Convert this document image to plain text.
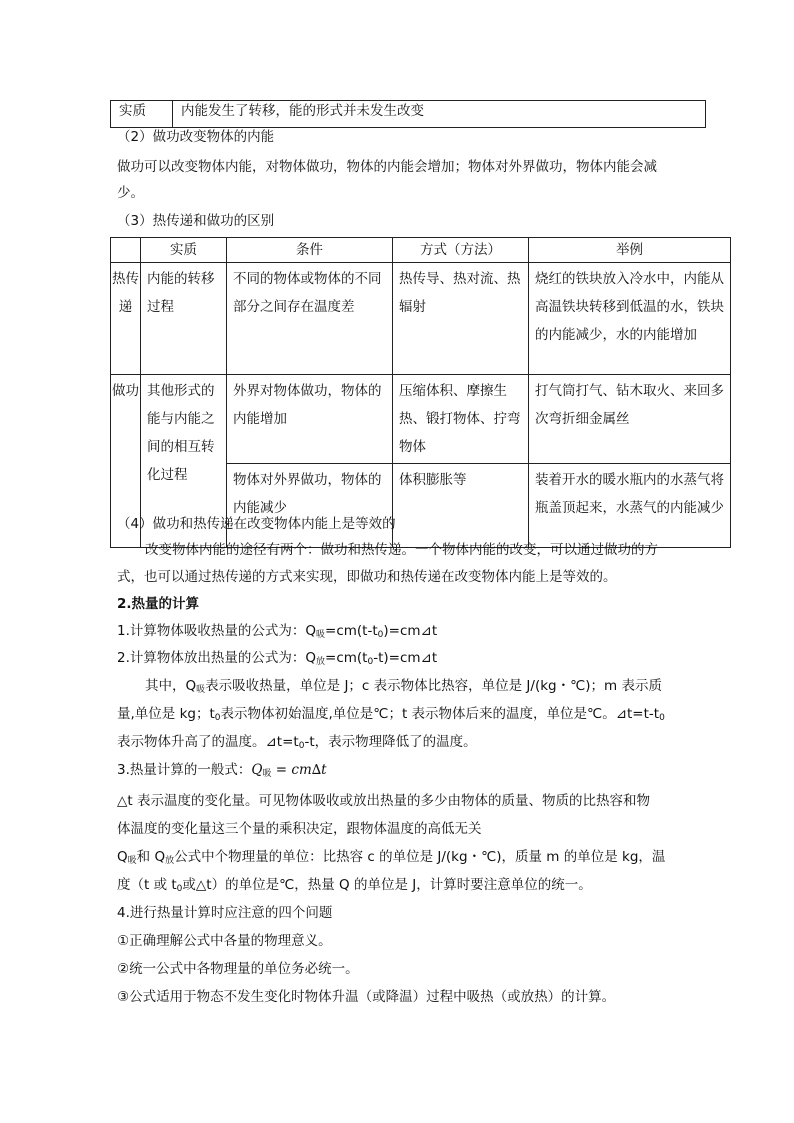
实质	内能发生了转移，能的形式并未发生改变
（2）做功改变物体的内能
做功可以改变物体内能，对物体做功，物体的内能会增加；物体对外界做功，物体内能会减
少。
（3）热传递和做功的区别
	实质	条件	方式（方法）	举例
热传递	内能的转移过程	不同的物体或物体的不同部分之间存在温度差	热传导、热对流、热辐射	烧红的铁块放入冷水中，内能从高温铁块转移到低温的水，铁块的内能减少，水的内能增加
做功	其他形式的能与内能之间的相互转化过程	外界对物体做功，物体的内能增加	压缩体积、摩擦生热、锻打物体、拧弯物体	打气筒打气、钻木取火、来回多次弯折细金属丝
		物体对外界做功，物体的内能减少	体积膨胀等	装着开水的暖水瓶内的水蒸气将瓶盖顶起来，水蒸气的内能减少
（4）做功和热传递在改变物体内能上是等效的
改变物体内能的途径有两个：做功和热传递。一个物体内能的改变，可以通过做功的方
式，也可以通过热传递的方式来实现，即做功和热传递在改变物体内能上是等效的。
2.热量的计算
1.计算物体吸收热量的公式为：$Q_吸=cm(t-t_0)=cm⊿t$
2.计算物体放出热量的公式为：$Q_放=cm(t_0-t)=cm⊿t$
其中，$Q_吸$表示吸收热量，单位是 J；c 表示物体比热容，单位是 J/(kg・℃)；m 表示质
量,单位是 kg；$t_0$表示物体初始温度,单位是℃；t 表示物体后来的温度，单位是℃。$⊿t=t-t_0$
表示物体升高了的温度。$⊿t=t_0-t$，表示物理降低了的温度。
3.热量计算的一般式：$Q_吸 = cm\Delta t$
△t 表示温度的变化量。可见物体吸收或放出热量的多少由物体的质量、物质的比热容和物
体温度的变化量这三个量的乘积决定，跟物体温度的高低无关
$Q_吸$和 $Q_放$公式中个物理量的单位：比热容 c 的单位是 J/(kg・℃)，质量 m 的单位是 kg，温
度（t 或 $t_0$或△t）的单位是℃，热量 Q 的单位是 J，计算时要注意单位的统一。
4.进行热量计算时应注意的四个问题
①正确理解公式中各量的物理意义。
②统一公式中各物理量的单位务必统一。
③公式适用于物态不发生变化时物体升温（或降温）过程中吸热（或放热）的计算。
